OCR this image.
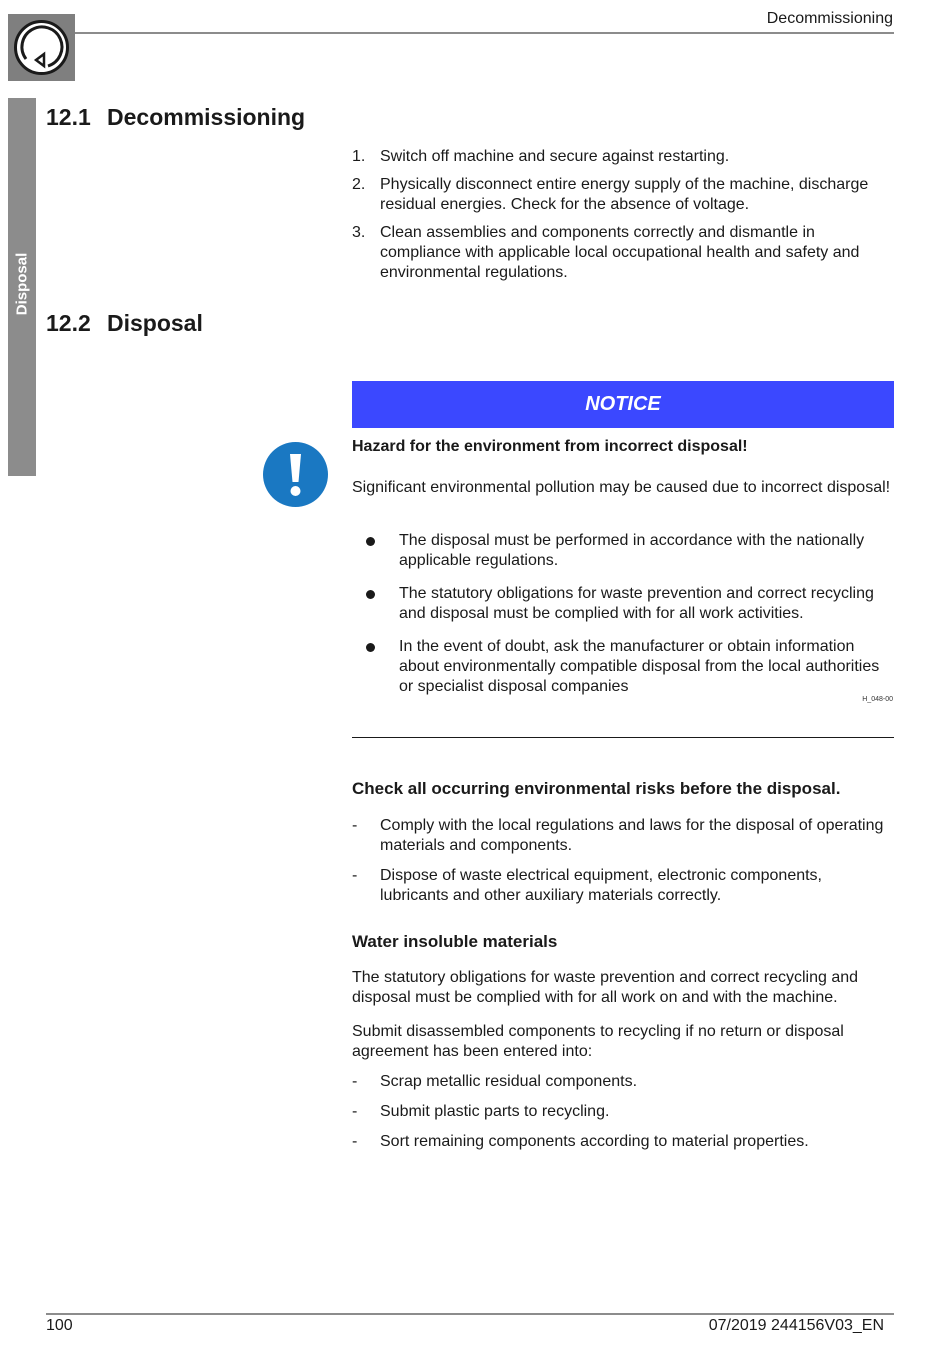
Decommissioning
Disposal
12.1 Decommissioning
1. Switch off machine and secure against restarting.
2. Physically disconnect entire energy supply of the machine, discharge residual energies. Check for the absence of voltage.
3. Clean assemblies and components correctly and dismantle in compliance with applicable local occupational health and safety and environmental regulations.
12.2 Disposal
NOTICE
Hazard for the environment from incorrect disposal!
Significant environmental pollution may be caused due to incorrect disposal!
The disposal must be performed in accordance with the nationally applicable regulations.
The statutory obligations for waste prevention and correct recycling and disposal must be complied with for all work activities.
In the event of doubt, ask the manufacturer or obtain information about environmentally compatible disposal from the local authorities or specialist disposal companies
H_048-00
Check all occurring environmental risks before the disposal.
- Comply with the local regulations and laws for the disposal of operating materials and components.
- Dispose of waste electrical equipment, electronic components, lubricants and other auxiliary materials correctly.
Water insoluble materials
The statutory obligations for waste prevention and correct recycling and disposal must be complied with for all work on and with the machine.
Submit disassembled components to recycling if no return or disposal agreement has been entered into:
- Scrap metallic residual components.
- Submit plastic parts to recycling.
- Sort remaining components according to material properties.
100	07/2019 244156V03_EN
